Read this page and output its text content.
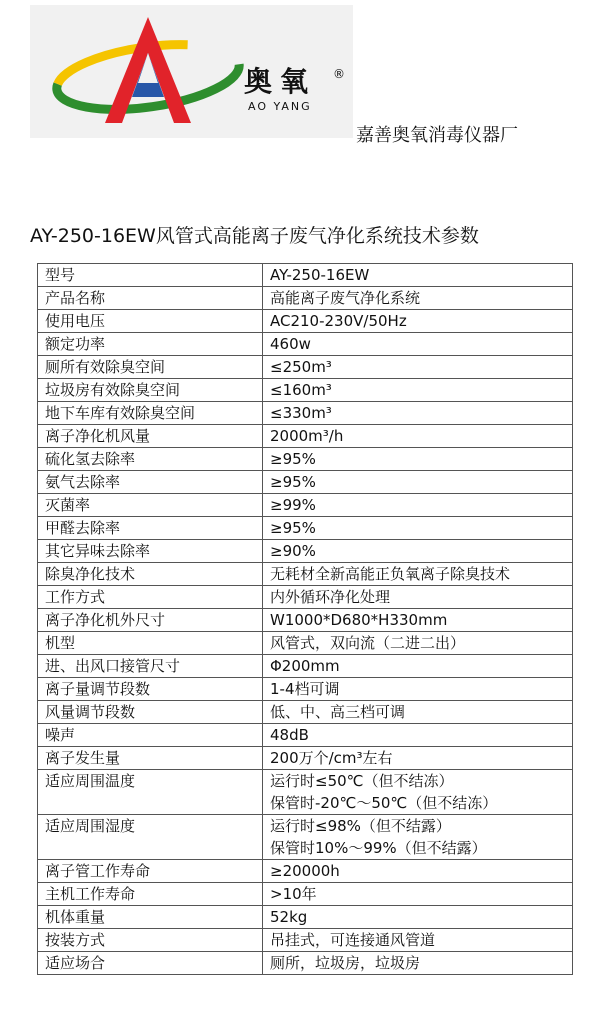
奥氧 ®
AO YANG
嘉善奥氧消毒仪器厂
AY-250-16EW风管式高能离子废气净化系统技术参数
型号	AY-250-16EW

产品名称	高能离子废气净化系统

使用电压	AC210-230V/50Hz

额定功率	460w

厕所有效除臭空间	≤250m³

垃圾房有效除臭空间	≤160m³

地下车库有效除臭空间	≤330m³

离子净化机风量	2000m³/h

硫化氢去除率	≥95%

氨气去除率	≥95%

灭菌率	≥99%

甲醛去除率	≥95%

其它异味去除率	≥90%

除臭净化技术	无耗材全新高能正负氧离子除臭技术

工作方式	内外循环净化处理

离子净化机外尺寸	W1000*D680*H330mm

机型	风管式，双向流（二进二出）

进、出风口接管尺寸	Φ200mm

离子量调节段数	1-4档可调

风量调节段数	低、中、高三档可调

噪声	48dB

离子发生量	200万个/cm³左右

适应周围温度	运行时≤50℃（但不结冻）
保管时-20℃～50℃（但不结冻）

适应周围湿度	运行时≤98%（但不结露）
保管时10%～99%（但不结露）

离子管工作寿命	≥20000h

主机工作寿命	>10年

机体重量	52kg

按装方式	吊挂式，可连接通风管道

适应场合	厕所，垃圾房，垃圾房
